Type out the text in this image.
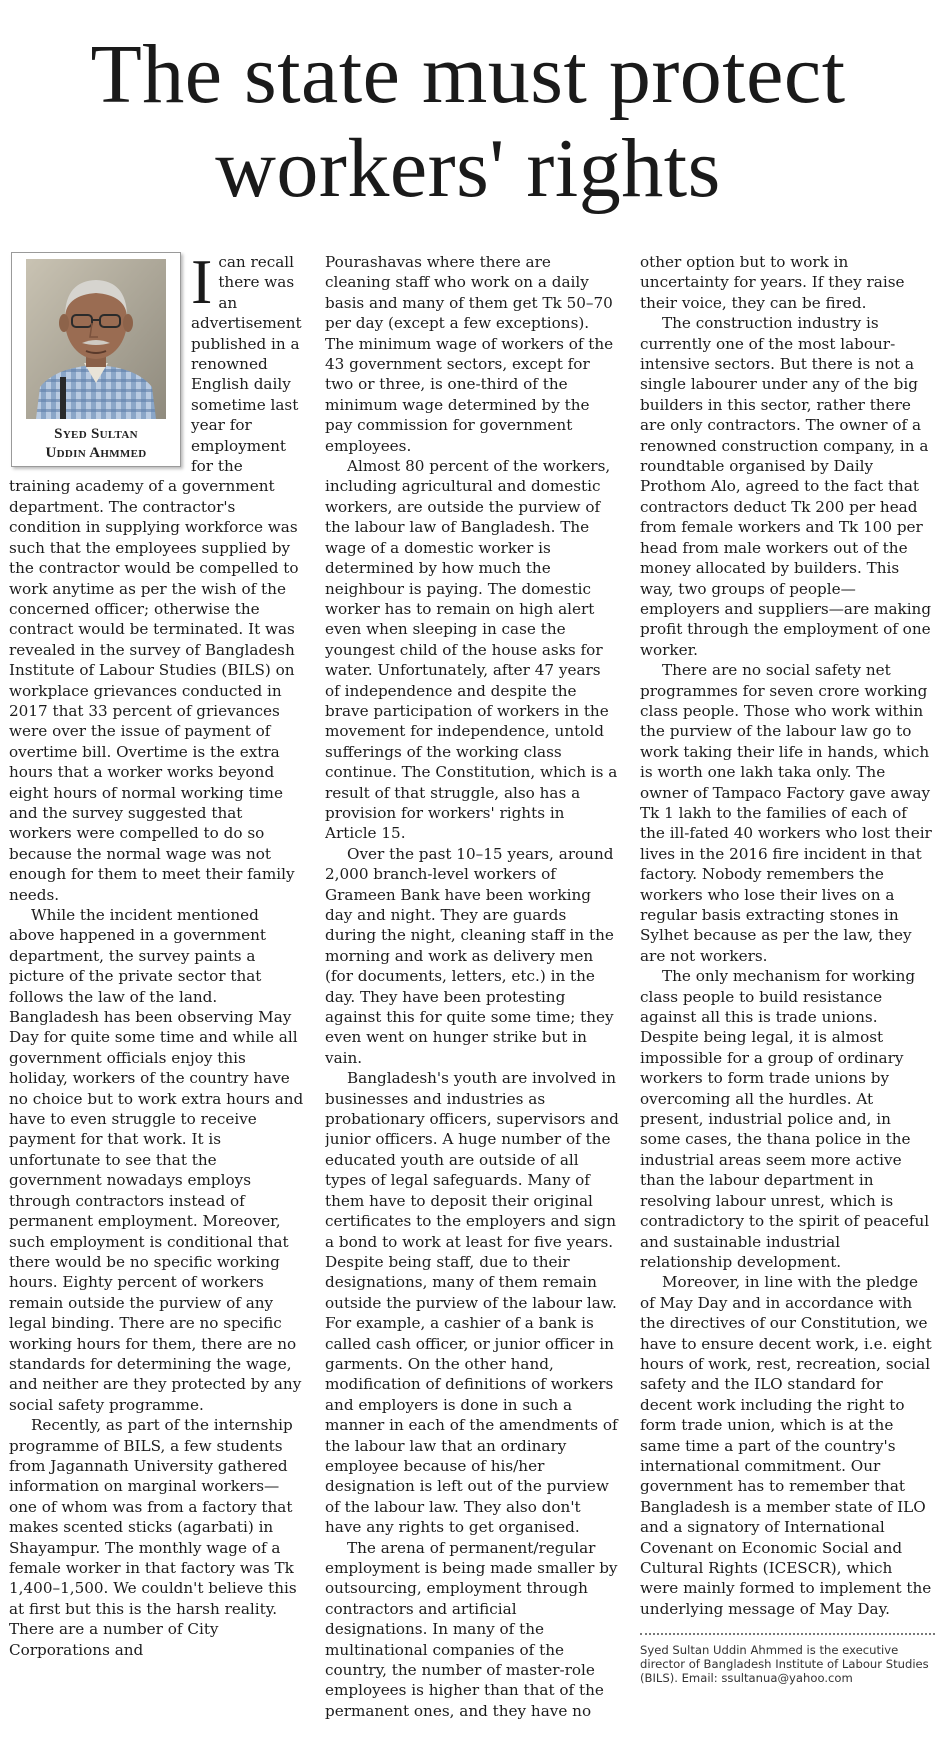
The state must protect workers' rights
Syed Sultan
Uddin Ahmmed
I can recall there was an advertisement published in a renowned English daily sometime last year for employment for the training academy of a government department. The contractor's condition in supplying workforce was such that the employees supplied by the contractor would be compelled to work anytime as per the wish of the concerned officer; otherwise the contract would be terminated. It was revealed in the survey of Bangladesh Institute of Labour Studies (BILS) on workplace grievances conducted in 2017 that 33 percent of grievances were over the issue of payment of overtime bill. Overtime is the extra hours that a worker works beyond eight hours of normal working time and the survey suggested that workers were compelled to do so because the normal wage was not enough for them to meet their family needs.

While the incident mentioned above happened in a government department, the survey paints a picture of the private sector that follows the law of the land. Bangladesh has been observing May Day for quite some time and while all government officials enjoy this holiday, workers of the country have no choice but to work extra hours and have to even struggle to receive payment for that work. It is unfortunate to see that the government nowadays employs through contractors instead of permanent employment. Moreover, such employment is conditional that there would be no specific working hours. Eighty percent of workers remain outside the purview of any legal binding. There are no specific working hours for them, there are no standards for determining the wage, and neither are they protected by any social safety programme.

Recently, as part of the internship programme of BILS, a few students from Jagannath University gathered information on marginal workers—one of whom was from a factory that makes scented sticks (agarbati) in Shayampur. The monthly wage of a female worker in that factory was Tk 1,400–1,500. We couldn't believe this at first but this is the harsh reality. There are a number of City Corporations and

Pourashavas where there are cleaning staff who work on a daily basis and many of them get Tk 50–70 per day (except a few exceptions). The minimum wage of workers of the 43 government sectors, except for two or three, is one-third of the minimum wage determined by the pay commission for government employees.

Almost 80 percent of the workers, including agricultural and domestic workers, are outside the purview of the labour law of Bangladesh. The wage of a domestic worker is determined by how much the neighbour is paying. The domestic worker has to remain on high alert even when sleeping in case the youngest child of the house asks for water. Unfortunately, after 47 years of independence and despite the brave participation of workers in the movement for independence, untold sufferings of the working class continue. The Constitution, which is a result of that struggle, also has a provision for workers' rights in Article 15.

Over the past 10–15 years, around 2,000 branch-level workers of Grameen Bank have been working day and night. They are guards during the night, cleaning staff in the morning and work as delivery men (for documents, letters, etc.) in the day. They have been protesting against this for quite some time; they even went on hunger strike but in vain.

Bangladesh's youth are involved in businesses and industries as probationary officers, supervisors and junior officers. A huge number of the educated youth are outside of all types of legal safeguards. Many of them have to deposit their original certificates to the employers and sign a bond to work at least for five years. Despite being staff, due to their designations, many of them remain outside the purview of the labour law. For example, a cashier of a bank is called cash officer, or junior officer in garments. On the other hand, modification of definitions of workers and employers is done in such a manner in each of the amendments of the labour law that an ordinary employee because of his/her designation is left out of the purview of the labour law. They also don't have any rights to get organised.

The arena of permanent/regular employment is being made smaller by outsourcing, employment through contractors and artificial designations. In many of the multinational companies of the country, the number of master-role employees is higher than that of the permanent ones, and they have no

other option but to work in uncertainty for years. If they raise their voice, they can be fired.

The construction industry is currently one of the most labour-intensive sectors. But there is not a single labourer under any of the big builders in this sector, rather there are only contractors. The owner of a renowned construction company, in a roundtable organised by Daily Prothom Alo, agreed to the fact that contractors deduct Tk 200 per head from female workers and Tk 100 per head from male workers out of the money allocated by builders. This way, two groups of people—employers and suppliers—are making profit through the employment of one worker.

There are no social safety net programmes for seven crore working class people. Those who work within the purview of the labour law go to work taking their life in hands, which is worth one lakh taka only. The owner of Tampaco Factory gave away Tk 1 lakh to the families of each of the ill-fated 40 workers who lost their lives in the 2016 fire incident in that factory. Nobody remembers the workers who lose their lives on a regular basis extracting stones in Sylhet because as per the law, they are not workers.

The only mechanism for working class people to build resistance against all this is trade unions. Despite being legal, it is almost impossible for a group of ordinary workers to form trade unions by overcoming all the hurdles. At present, industrial police and, in some cases, the thana police in the industrial areas seem more active than the labour department in resolving labour unrest, which is contradictory to the spirit of peaceful and sustainable industrial relationship development.

Moreover, in line with the pledge of May Day and in accordance with the directives of our Constitution, we have to ensure decent work, i.e. eight hours of work, rest, recreation, social safety and the ILO standard for decent work including the right to form trade union, which is at the same time a part of the country's international commitment. Our government has to remember that Bangladesh is a member state of ILO and a signatory of International Covenant on Economic Social and Cultural Rights (ICESCR), which were mainly formed to implement the underlying message of May Day.

Syed Sultan Uddin Ahmmed is the executive director of Bangladesh Institute of Labour Studies (BILS). Email: ssultanua@yahoo.com
